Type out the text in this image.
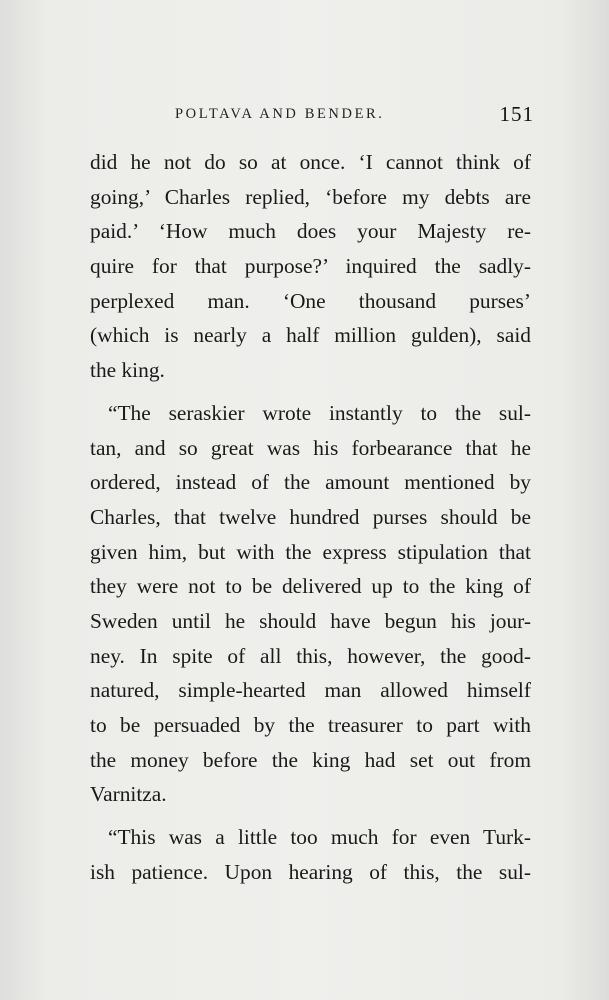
POLTAVA AND BENDER.	151
did he not do so at once. ‘I cannot think of
going,’ Charles replied, ‘before my debts are
paid.’ ‘How much does your Majesty re-
quire for that purpose?’ inquired the sadly-
perplexed man. ‘One thousand purses’
(which is nearly a half million gulden), said
the king.
“The seraskier wrote instantly to the sul-
tan, and so great was his forbearance that he
ordered, instead of the amount mentioned by
Charles, that twelve hundred purses should be
given him, but with the express stipulation that
they were not to be delivered up to the king of
Sweden until he should have begun his jour-
ney. In spite of all this, however, the good-
natured, simple-hearted man allowed himself
to be persuaded by the treasurer to part with
the money before the king had set out from
Varnitza.
“This was a little too much for even Turk-
ish patience. Upon hearing of this, the sul-
